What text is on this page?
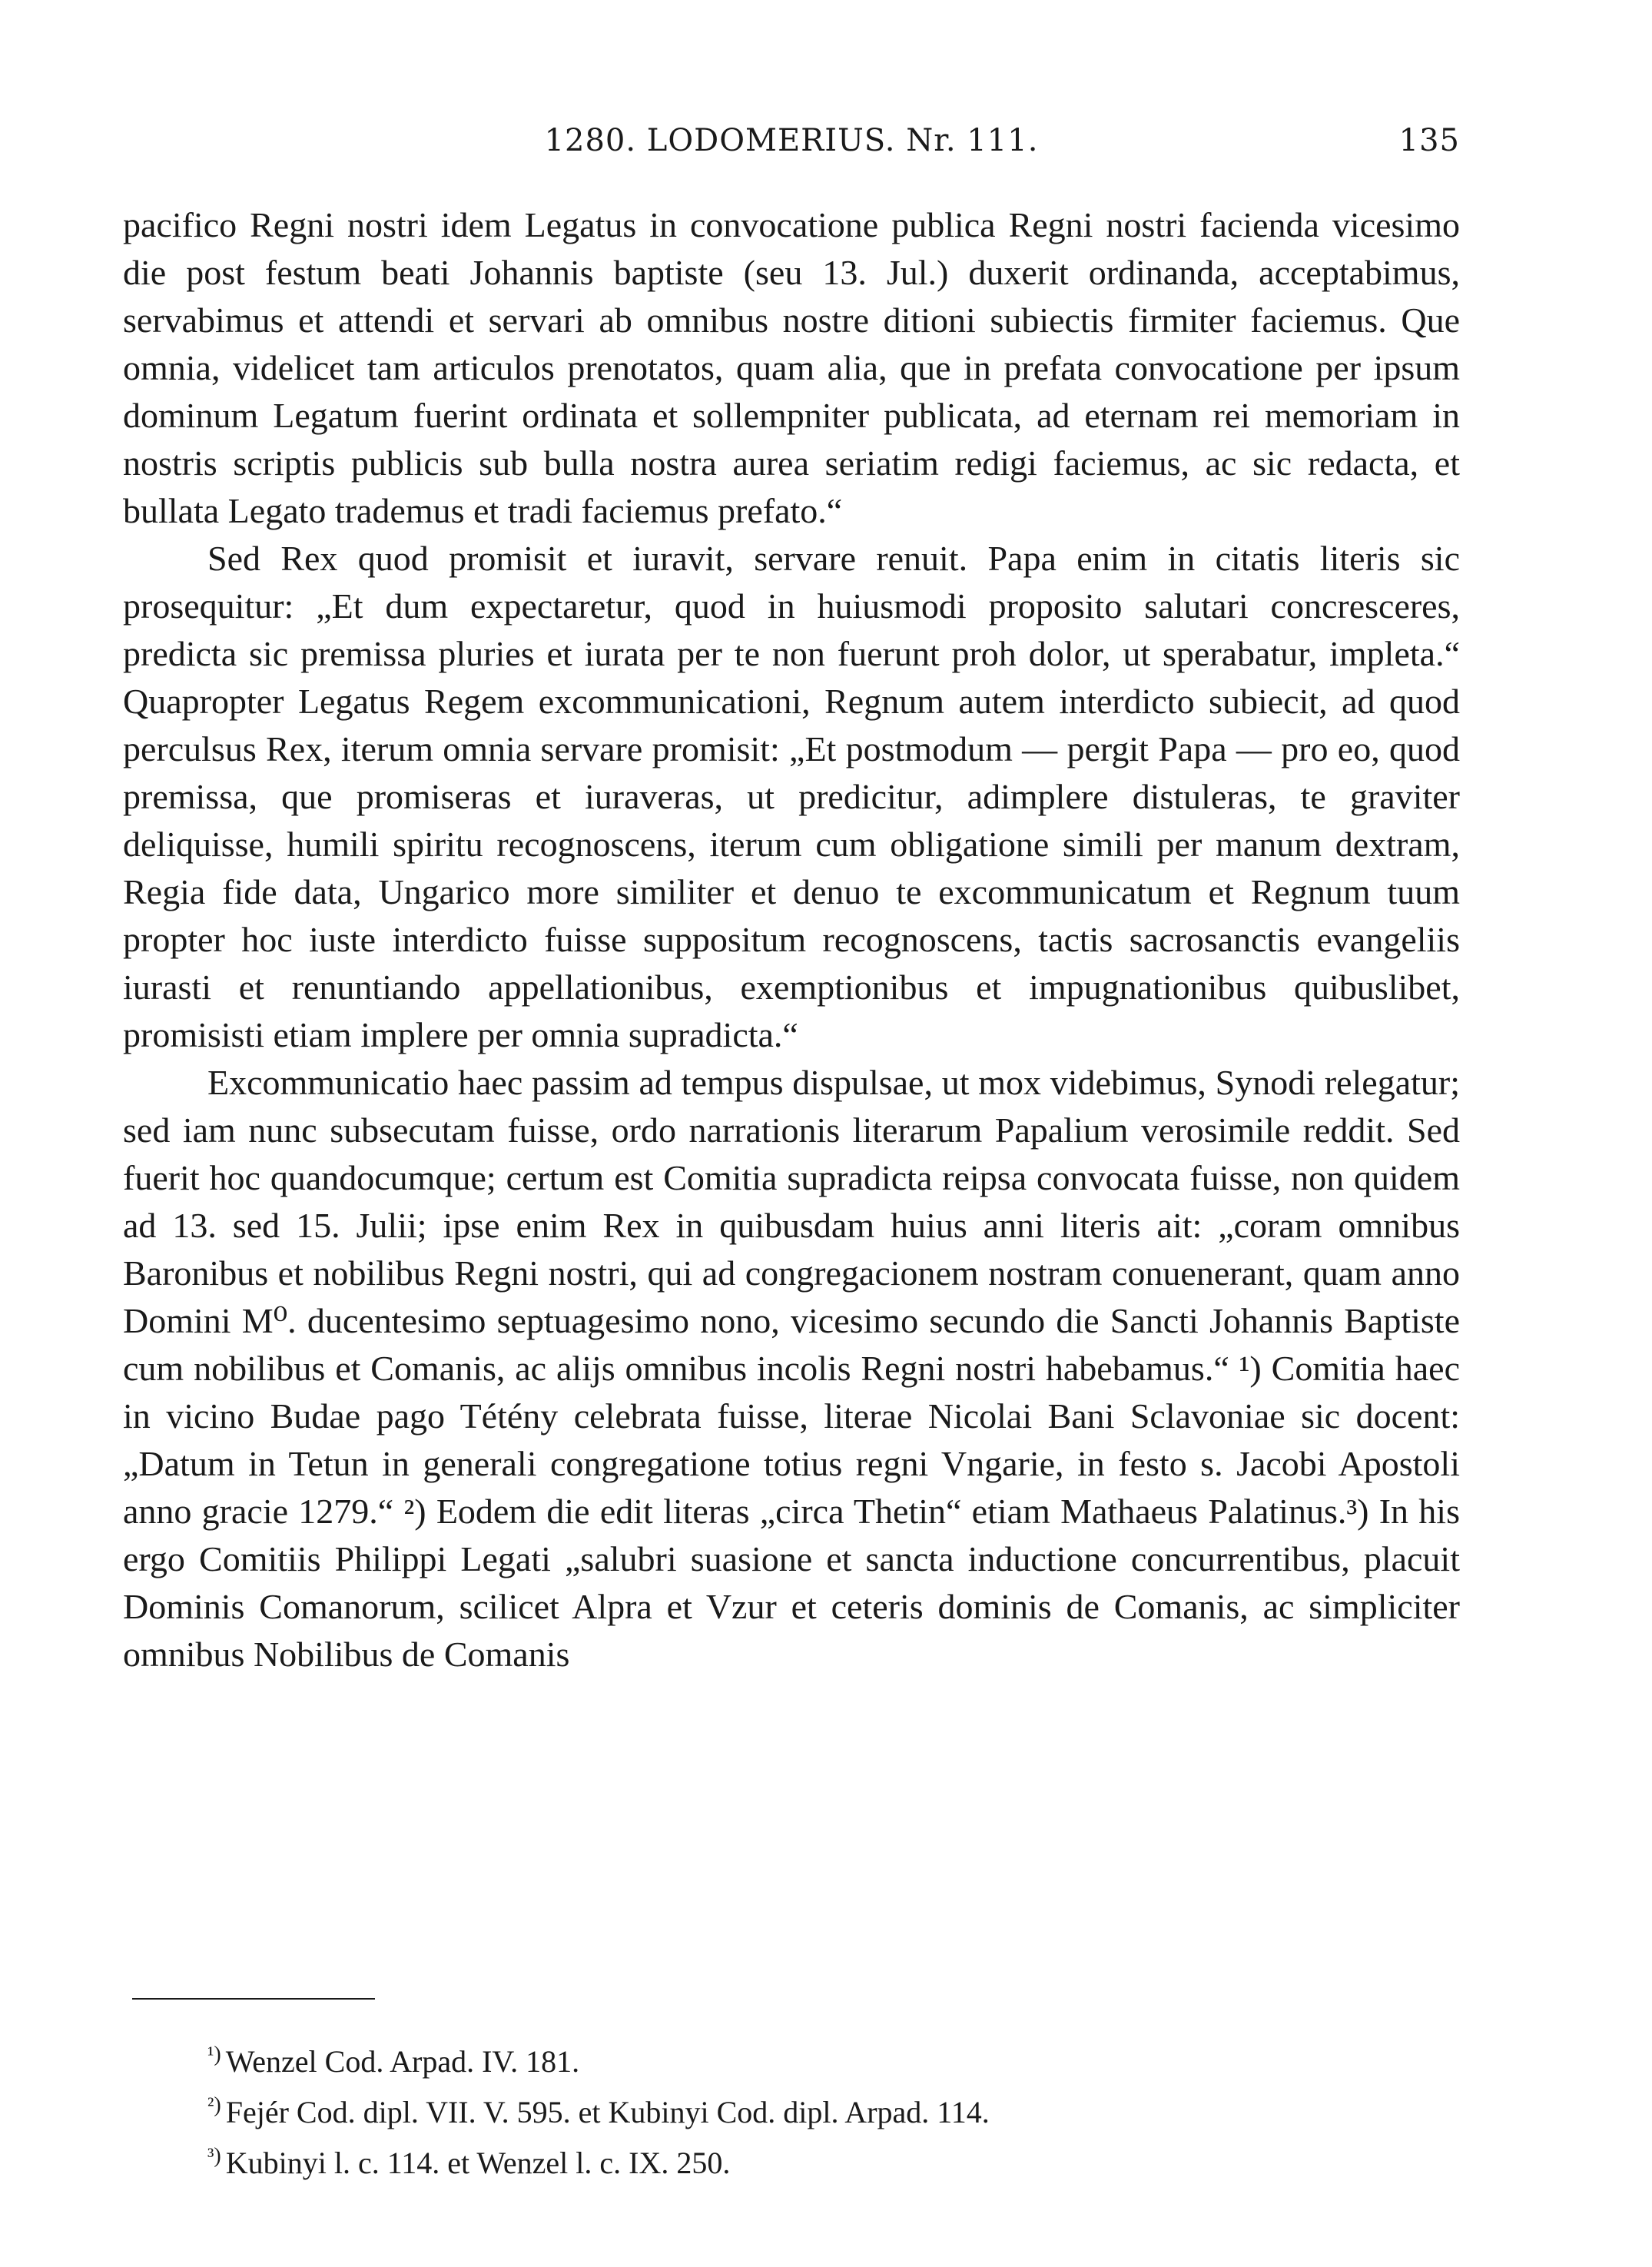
1280. LODOMERIUS. Nr. 111.	135

pacifico Regni nostri idem Legatus in convocatione publica Regni nostri facienda vicesimo die post festum beati Johannis baptiste (seu 13. Jul.) duxerit ordinanda, acceptabimus, servabimus et attendi et servari ab omnibus nostre ditioni subiectis firmiter faciemus. Que omnia, videlicet tam articulos prenotatos, quam alia, que in prefata convocatione per ipsum dominum Legatum fuerint ordinata et sollempniter publicata, ad eternam rei memoriam in nostris scriptis publicis sub bulla nostra aurea seriatim redigi faciemus, ac sic redacta, et bullata Legato trademus et tradi faciemus prefato.“

Sed Rex quod promisit et iuravit, servare renuit. Papa enim in citatis literis sic prosequitur: „Et dum expectaretur, quod in huiusmodi proposito salutari concresceres, predicta sic premissa pluries et iurata per te non fuerunt proh dolor, ut sperabatur, impleta.“ Quapropter Legatus Regem excommunicationi, Regnum autem interdicto subiecit, ad quod perculsus Rex, iterum omnia servare promisit: „Et postmodum — pergit Papa — pro eo, quod premissa, que promiseras et iuraveras, ut predicitur, adimplere distuleras, te graviter deliquisse, humili spiritu recognoscens, iterum cum obligatione simili per manum dextram, Regia fide data, Ungarico more similiter et denuo te excommunicatum et Regnum tuum propter hoc iuste interdicto fuisse suppositum recognoscens, tactis sacrosanctis evangeliis iurasti et renuntiando appellationibus, exemptionibus et impugnationibus quibuslibet, promisisti etiam implere per omnia supradicta.“

Excommunicatio haec passim ad tempus dispulsae, ut mox videbimus, Synodi relegatur; sed iam nunc subsecutam fuisse, ordo narrationis literarum Papalium verosimile reddit. Sed fuerit hoc quandocumque; certum est Comitia supradicta reipsa convocata fuisse, non quidem ad 13. sed 15. Julii; ipse enim Rex in quibusdam huius anni literis ait: „coram omnibus Baronibus et nobilibus Regni nostri, qui ad congregacionem nostram conuenerant, quam anno Domini M⁰. ducentesimo septuagesimo nono, vicesimo secundo die Sancti Johannis Baptiste cum nobilibus et Comanis, ac alijs omnibus incolis Regni nostri habebamus.“ ¹) Comitia haec in vicino Budae pago Tétény celebrata fuisse, literae Nicolai Bani Sclavoniae sic docent: „Datum in Tetun in generali congregatione totius regni Vngarie, in festo s. Jacobi Apostoli anno gracie 1279.“ ²) Eodem die edit literas „circa Thetin“ etiam Mathaeus Palatinus.³) In his ergo Comitiis Philippi Legati „salubri suasione et sancta inductione concurrentibus, placuit Dominis Comanorum, scilicet Alpra et Vzur et ceteris dominis de Comanis, ac simpliciter omnibus Nobilibus de Comanis

$^{^1)}$ Wenzel Cod. Arpad. IV. 181.

$^{^2)}$ Fejér Cod. dipl. VII. V. 595. et Kubinyi Cod. dipl. Arpad. 114.

$^{^3)}$ Kubinyi l. c. 114. et Wenzel l. c. IX. 250.
